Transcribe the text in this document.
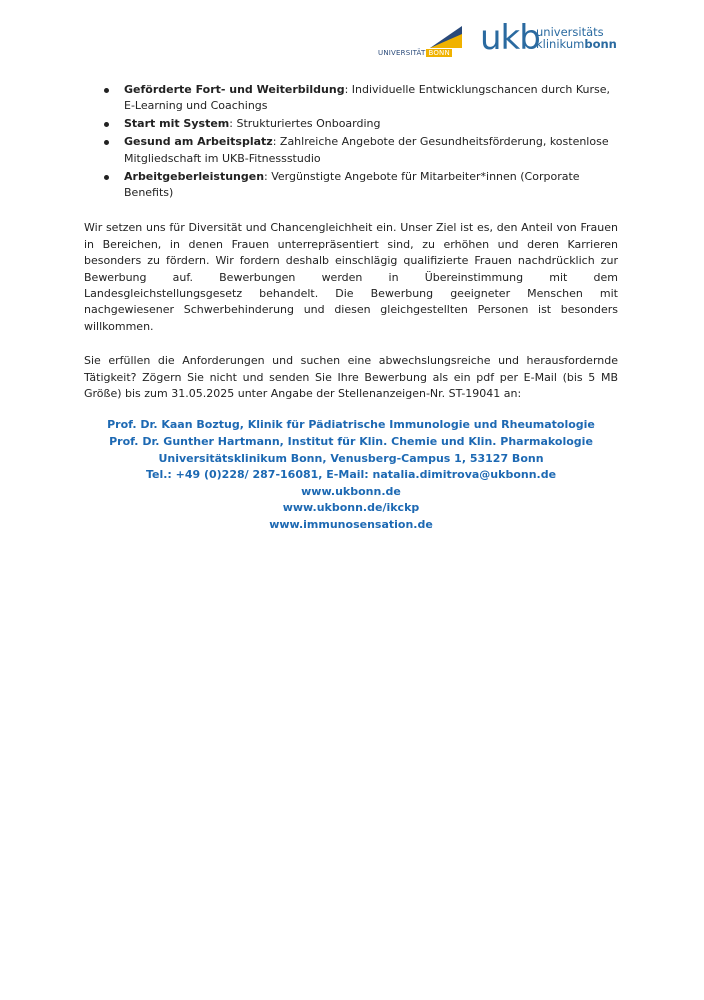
UNIVERSITÄT BONN ukb
universitäts
klinikumbonn
Geförderte Fort- und Weiterbildung: Individuelle Entwicklungschancen durch Kurse, E-Learning und Coachings
Start mit System: Strukturiertes Onboarding
Gesund am Arbeitsplatz: Zahlreiche Angebote der Gesundheitsförderung, kostenlose Mitgliedschaft im UKB-Fitnessstudio
Arbeitgeberleistungen: Vergünstigte Angebote für Mitarbeiter*innen (Corporate Benefits)

Wir setzen uns für Diversität und Chancengleichheit ein. Unser Ziel ist es, den Anteil von Frauen in Bereichen, in denen Frauen unterrepräsentiert sind, zu erhöhen und deren Karrieren besonders zu fördern. Wir fordern deshalb einschlägig qualifizierte Frauen nachdrücklich zur Bewerbung auf. Bewerbungen werden in Übereinstimmung mit dem Landesgleichstellungsgesetz behandelt. Die Bewerbung geeigneter Menschen mit nachgewiesener Schwerbehinderung und diesen gleichgestellten Personen ist besonders willkommen.

Sie erfüllen die Anforderungen und suchen eine abwechslungsreiche und herausfordernde Tätigkeit? Zögern Sie nicht und senden Sie Ihre Bewerbung als ein pdf per E-Mail (bis 5 MB Größe) bis zum 31.05.2025 unter Angabe der Stellenanzeigen-Nr. ST-19041 an:

Prof. Dr. Kaan Boztug, Klinik für Pädiatrische Immunologie und Rheumatologie
Prof. Dr. Gunther Hartmann, Institut für Klin. Chemie und Klin. Pharmakologie
Universitätsklinikum Bonn, Venusberg-Campus 1, 53127 Bonn
Tel.: +49 (0)228/ 287-16081, E-Mail: natalia.dimitrova@ukbonn.de
www.ukbonn.de
www.ukbonn.de/ikckp
www.immunosensation.de
